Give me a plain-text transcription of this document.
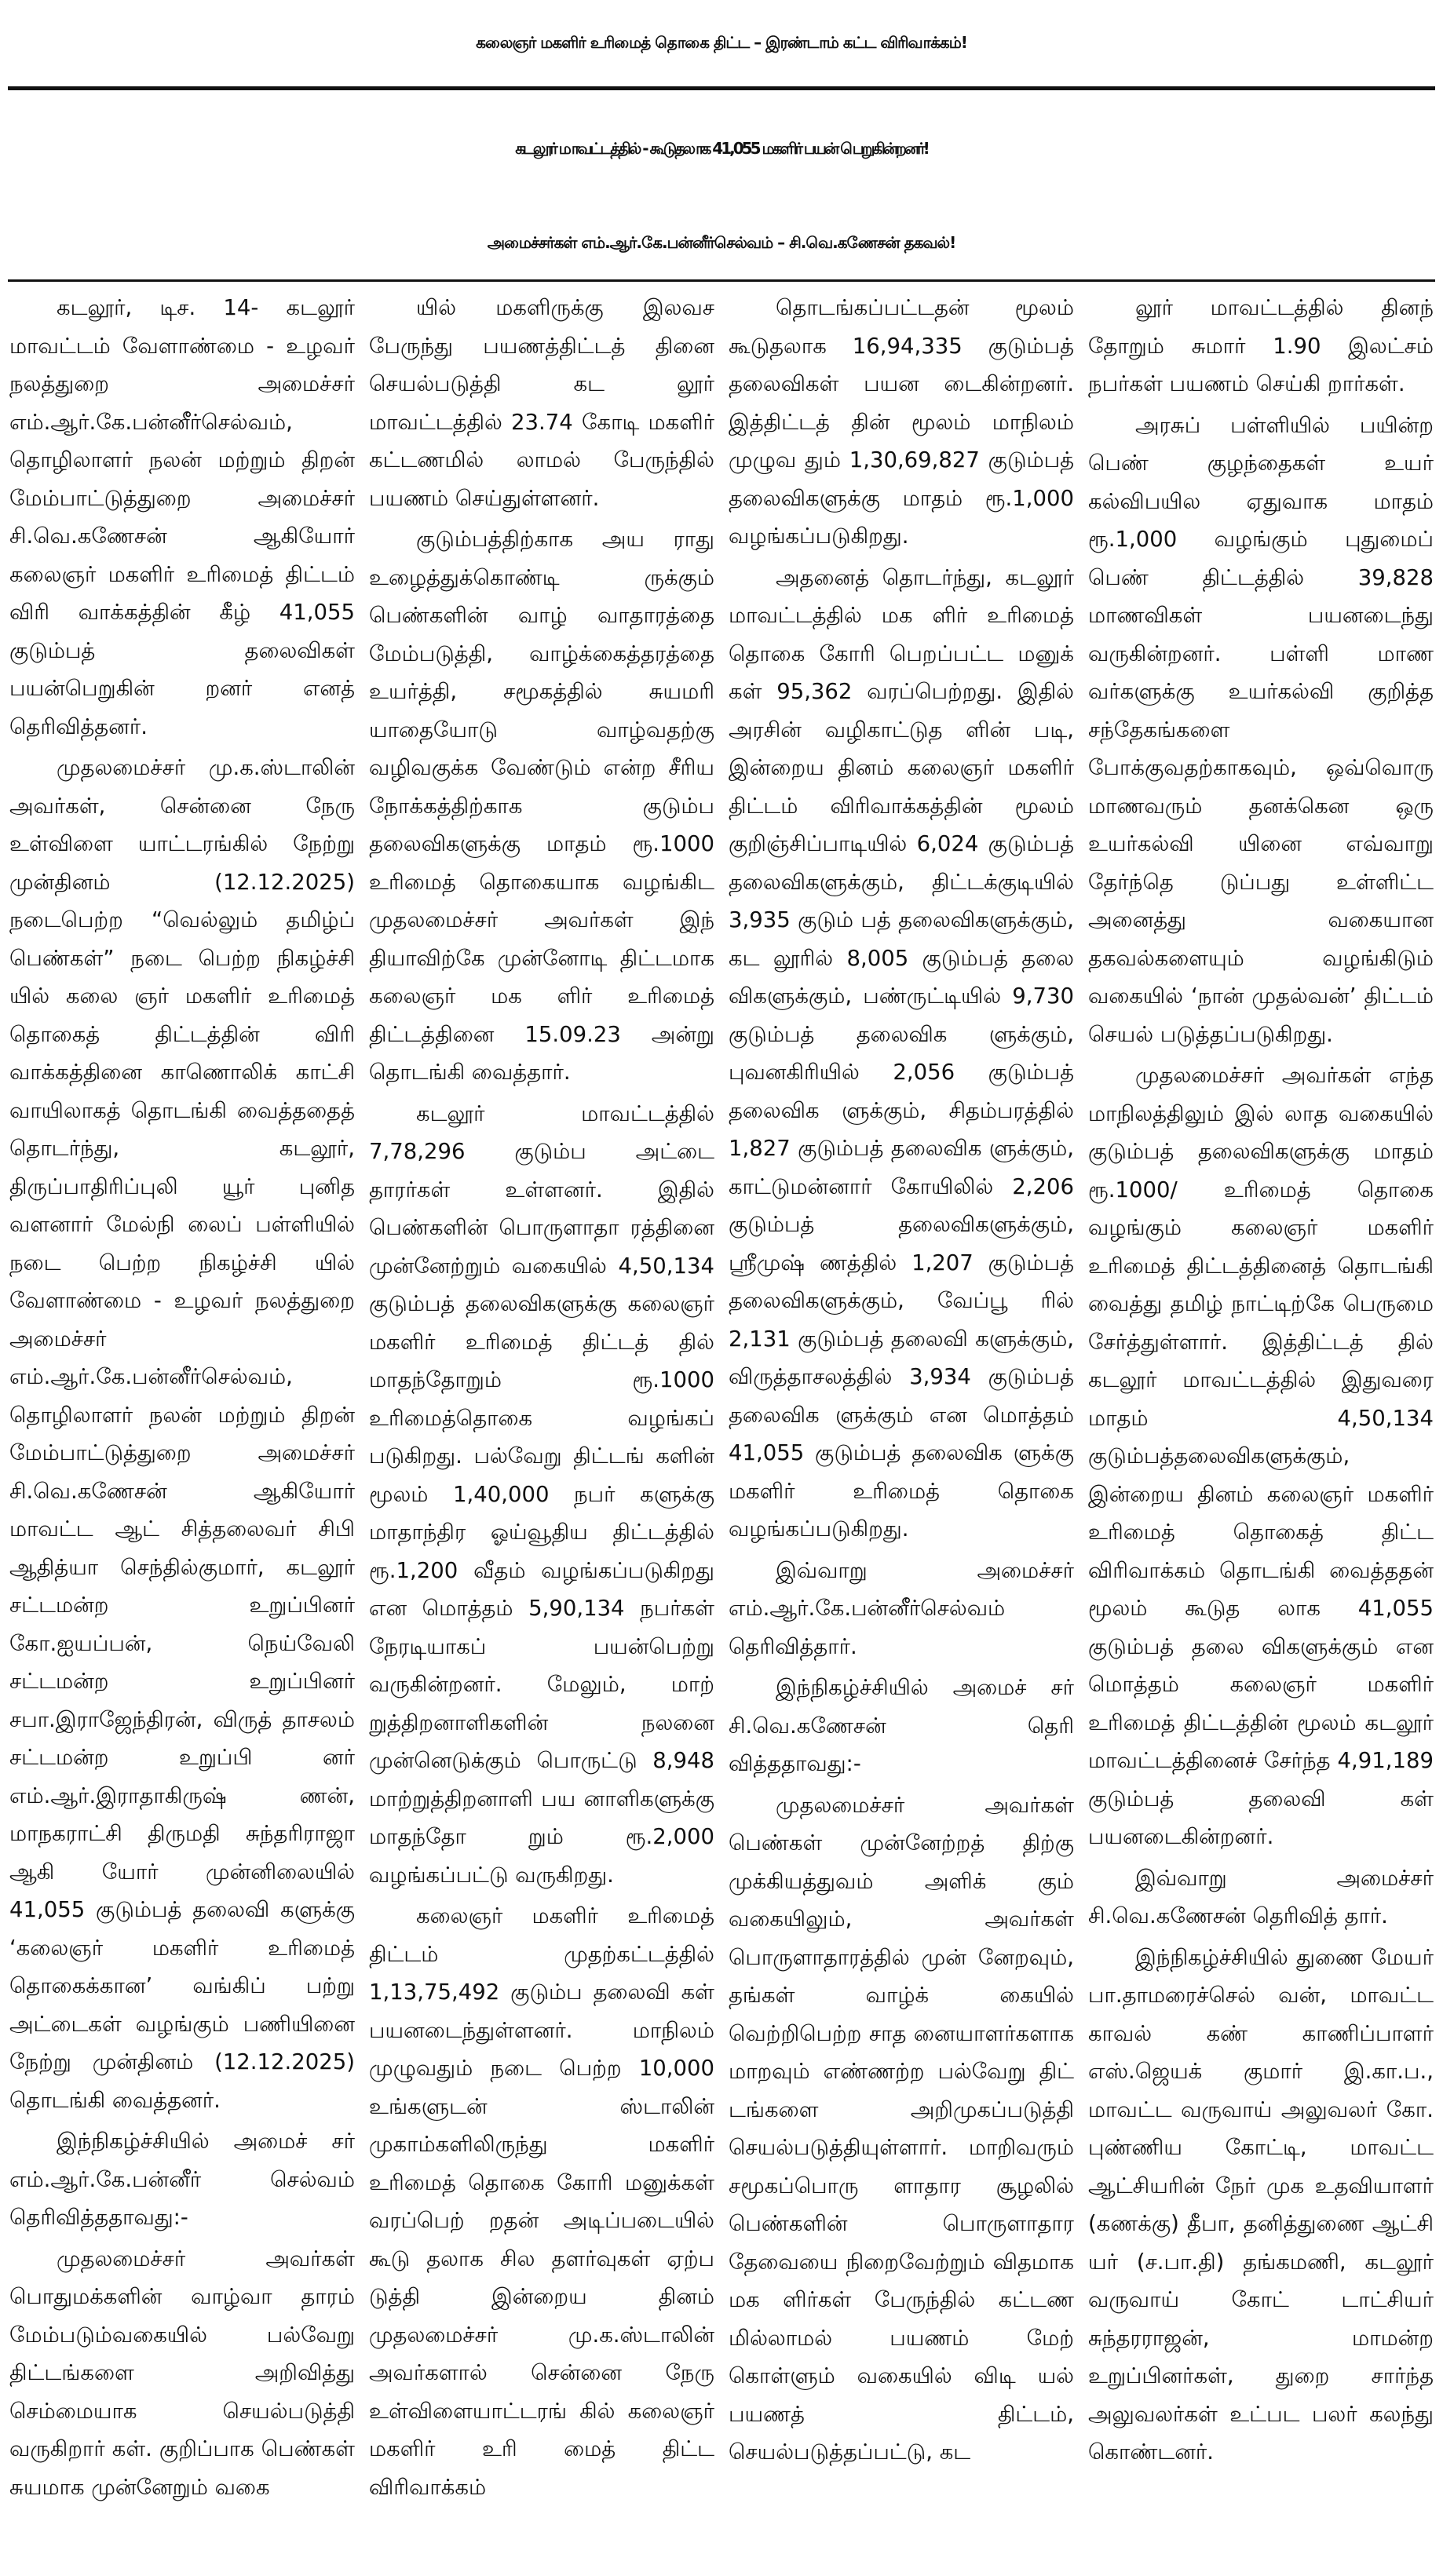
கலைஞர் மகளிர் உரிமைத் தொகை திட்ட – இரண்டாம் கட்ட விரிவாக்கம்!
கடலூர் மாவட்டத்தில் - கூடுதலாக 41,055 மகளிர் பயன் பெறுகின்றனர்!
அமைச்சர்கள் எம்.ஆர்.கே.பன்னீர்செல்வம் – சி.வெ.கணேசன் தகவல்!

கடலூர், டிச. 14- கடலூர் மாவட்டம் வேளாண்மை - உழவர் நலத்துறை அமைச்சர் எம்.ஆர்.கே.பன்னீர்செல்வம், தொழிலாளர் நலன் மற்றும் திறன் மேம்பாட்டுத்துறை அமைச்சர் சி.வெ.கணேசன் ஆகியோர் கலைஞர் மகளிர் உரிமைத் திட்டம் விரி வாக்கத்தின் கீழ் 41,055 குடும்பத் தலைவிகள் பயன்பெறுகின் றனர் எனத் தெரிவித்தனர்.

முதலமைச்சர் மு.க.ஸ்டாலின் அவர்கள், சென்னை நேரு உள்விளை யாட்டரங்கில் நேற்று முன்தினம் (12.12.2025) நடைபெற்ற “வெல்லும் தமிழ்ப் பெண்கள்” நடை பெற்ற நிகழ்ச்சி யில் கலை ஞர் மகளிர் உரிமைத் தொகைத் திட்டத்தின் விரி வாக்கத்தினை காணொலிக் காட்சி வாயிலாகத் தொடங்கி வைத்ததைத் தொடர்ந்து, கடலூர், திருப்பாதிரிப்புலி யூர் புனித வளனார் மேல்நி லைப் பள்ளியில் நடை பெற்ற நிகழ்ச்சி யில் வேளாண்மை - உழவர் நலத்துறை அமைச்சர் எம்.ஆர்.கே.பன்னீர்செல்வம், தொழிலாளர் நலன் மற்றும் திறன் மேம்பாட்டுத்துறை அமைச்சர் சி.வெ.கணேசன் ஆகியோர் மாவட்ட ஆட் சித்தலைவர் சிபி ஆதித்யா செந்தில்குமார், கடலூர் சட்டமன்ற உறுப்பினர் கோ.ஐயப்பன், நெய்வேலி சட்டமன்ற உறுப்பினர் சபா.இராஜேந்திரன், விருத் தாசலம் சட்டமன்ற உறுப்பி னர் எம்.ஆர்.இராதாகிருஷ் ணன், மாநகராட்சி திருமதி சுந்தரிராஜா ஆகி யோர் முன்னிலையில் 41,055 குடும்பத் தலைவி களுக்கு ‘கலைஞர் மகளிர் உரிமைத் தொகைக்கான’ வங்கிப் பற்று அட்டைகள் வழங்கும் பணியினை நேற்று முன்தினம் (12.12.2025) தொடங்கி வைத்தனர்.

இந்நிகழ்ச்சியில் அமைச் சர் எம்.ஆர்.கே.பன்னீர் செல்வம் தெரிவித்ததாவது:-

முதலமைச்சர் அவர்கள் பொதுமக்களின் வாழ்வா தாரம் மேம்படும்வகையில் பல்வேறு திட்டங்களை அறிவித்து செம்மையாக செயல்படுத்தி வருகிறார் கள். குறிப்பாக பெண்கள் சுயமாக முன்னேறும் வகை

யில் மகளிருக்கு இலவச பேருந்து பயணத்திட்டத் தினை செயல்படுத்தி கட லூர் மாவட்டத்தில் 23.74 கோடி மகளிர் கட்டணமில் லாமல் பேருந்தில் பயணம் செய்துள்ளனர்.

குடும்பத்திற்காக அய ராது உழைத்துக்கொண்டி ருக்கும் பெண்களின் வாழ் வாதாரத்தை மேம்படுத்தி, வாழ்க்கைத்தரத்தை உயர்த்தி, சமூகத்தில் சுயமரி யாதையோடு வாழ்வதற்கு வழிவகுக்க வேண்டும் என்ற சீரிய நோக்கத்திற்காக குடும்ப தலைவிகளுக்கு மாதம் ரூ.1000 உரிமைத் தொகையாக வழங்கிட முதலமைச்சர் அவர்கள் இந் தியாவிற்கே முன்னோடி திட்டமாக கலைஞர் மக ளிர் உரிமைத் திட்டத்தினை 15.09.23 அன்று தொடங்கி வைத்தார்.

கடலூர் மாவட்டத்தில் 7,78,296 குடும்ப அட்டை தாரர்கள் உள்ளனர். இதில் பெண்களின் பொருளாதா ரத்தினை முன்னேற்றும் வகையில் 4,50,134 குடும்பத் தலைவிகளுக்கு கலைஞர் மகளிர் உரிமைத் திட்டத் தில் மாதந்தோறும் ரூ.1000 உரிமைத்தொகை வழங்கப் படுகிறது. பல்வேறு திட்டங் களின் மூலம் 1,40,000 நபர் களுக்கு மாதாந்திர ஓய்வூதிய திட்டத்தில் ரூ.1,200 வீதம் வழங்கப்படுகிறது என மொத்தம் 5,90,134 நபர்கள் நேரடியாகப் பயன்பெற்று வருகின்றனர். மேலும், மாற் றுத்திறனாளிகளின் நலனை முன்னெடுக்கும் பொருட்டு 8,948 மாற்றுத்திறனாளி பய னாளிகளுக்கு மாதந்தோ றும் ரூ.2,000 வழங்கப்பட்டு வருகிறது.

கலைஞர் மகளிர் உரிமைத் திட்டம் முதற்கட்டத்தில் 1,13,75,492 குடும்ப தலைவி கள் பயனடைந்துள்ளனர். மாநிலம் முழுவதும் நடை பெற்ற 10,000 உங்களுடன் ஸ்டாலின் முகாம்களிலிருந்து மகளிர் உரிமைத் தொகை கோரி மனுக்கள் வரப்பெற் றதன் அடிப்படையில் கூடு தலாக சில தளர்வுகள் ஏற்ப டுத்தி இன்றைய தினம் முதலமைச்சர் மு.க.ஸ்டாலின் அவர்களால் சென்னை நேரு உள்விளையாட்டரங் கில் கலைஞர் மகளிர் உரி மைத் திட்ட விரிவாக்கம்

தொடங்கப்பட்டதன் மூலம் கூடுதலாக 16,94,335 குடும்பத் தலைவிகள் பயன டைகின்றனர். இத்திட்டத் தின் மூலம் மாநிலம் முழுவ தும் 1,30,69,827 குடும்பத் தலைவிகளுக்கு மாதம் ரூ.1,000 வழங்கப்படுகிறது.

அதனைத் தொடர்ந்து, கடலூர் மாவட்டத்தில் மக ளிர் உரிமைத் தொகை கோரி பெறப்பட்ட மனுக் கள் 95,362 வரப்பெற்றது. இதில் அரசின் வழிகாட்டுத ளின் படி, இன்றைய தினம் கலைஞர் மகளிர் திட்டம் விரிவாக்கத்தின் மூலம் குறிஞ்சிப்பாடியில் 6,024 குடும்பத் தலைவிகளுக்கும், திட்டக்குடியில் 3,935 குடும் பத் தலைவிகளுக்கும், கட லூரில் 8,005 குடும்பத் தலை விகளுக்கும், பண்ருட்டியில் 9,730 குடும்பத் தலைவிக ளுக்கும், புவனகிரியில் 2,056 குடும்பத் தலைவிக ளுக்கும், சிதம்பரத்தில் 1,827 குடும்பத் தலைவிக ளுக்கும், காட்டுமன்னார் கோயிலில் 2,206 குடும்பத் தலைவிகளுக்கும், ஸ்ரீமுஷ் ணத்தில் 1,207 குடும்பத் தலைவிகளுக்கும், வேப்பூ ரில் 2,131 குடும்பத் தலைவி களுக்கும், விருத்தாசலத்தில் 3,934 குடும்பத் தலைவிக ளுக்கும் என மொத்தம் 41,055 குடும்பத் தலைவிக ளுக்கு மகளிர் உரிமைத் தொகை வழங்கப்படுகிறது.

இவ்வாறு அமைச்சர் எம்.ஆர்.கே.பன்னீர்செல்வம் தெரிவித்தார்.

இந்நிகழ்ச்சியில் அமைச் சர் சி.வெ.கணேசன் தெரி வித்ததாவது:-

முதலமைச்சர் அவர்கள் பெண்கள் முன்னேற்றத் திற்கு முக்கியத்துவம் அளிக் கும் வகையிலும், அவர்கள் பொருளாதாரத்தில் முன் னேறவும், தங்கள் வாழ்க் கையில் வெற்றிபெற்ற சாத னையாளர்களாக மாறவும் எண்ணற்ற பல்வேறு திட் டங்களை அறிமுகப்படுத்தி செயல்படுத்தியுள்ளார். மாறிவரும் சமூகப்பொரு ளாதார சூழலில் பெண்களின் பொருளாதார தேவையை நிறைவேற்றும் விதமாக மக ளிர்கள் பேருந்தில் கட்டண மில்லாமல் பயணம் மேற் கொள்ளும் வகையில் விடி யல் பயணத் திட்டம், செயல்படுத்தப்பட்டு, கட

லூர் மாவட்டத்தில் தினந் தோறும் சுமார் 1.90 இலட்சம் நபர்கள் பயணம் செய்கி றார்கள்.

அரசுப் பள்ளியில் பயின்ற பெண் குழந்தைகள் உயர் கல்விபயில ஏதுவாக மாதம் ரூ.1,000 வழங்கும் புதுமைப் பெண் திட்டத்தில் 39,828 மாணவிகள் பயனடைந்து வருகின்றனர். பள்ளி மாண வர்களுக்கு உயர்கல்வி குறித்த சந்தேகங்களை போக்குவதற்காகவும், ஒவ்வொரு மாணவரும் தனக்கென ஒரு உயர்கல்வி யினை எவ்வாறு தேர்ந்தெ டுப்பது உள்ளிட்ட அனைத்து வகையான தகவல்களையும் வழங்கிடும் வகையில் ‘நான் முதல்வன்’ திட்டம் செயல் படுத்தப்படுகிறது.

முதலமைச்சர் அவர்கள் எந்த மாநிலத்திலும் இல் லாத வகையில் குடும்பத் தலைவிகளுக்கு மாதம் ரூ.1000/ உரிமைத் தொகை வழங்கும் கலைஞர் மகளிர் உரிமைத் திட்டத்தினைத் தொடங்கி வைத்து தமிழ் நாட்டிற்கே பெருமை சேர்த்துள்ளார். இத்திட்டத் தில் கடலூர் மாவட்டத்தில் இதுவரை மாதம் 4,50,134 குடும்பத்தலைவிகளுக்கும், இன்றைய தினம் கலைஞர் மகளிர் உரிமைத் தொகைத் திட்ட விரிவாக்கம் தொடங்கி வைத்ததன் மூலம் கூடுத லாக 41,055 குடும்பத் தலை விகளுக்கும் என மொத்தம் கலைஞர் மகளிர் உரிமைத் திட்டத்தின் மூலம் கடலூர் மாவட்டத்தினைச் சேர்ந்த 4,91,189 குடும்பத் தலைவி கள் பயனடைகின்றனர்.

இவ்வாறு அமைச்சர் சி.வெ.கணேசன் தெரிவித் தார்.

இந்நிகழ்ச்சியில் துணை மேயர் பா.தாமரைச்செல் வன், மாவட்ட காவல் கண் காணிப்பாளர் எஸ்.ஜெயக் குமார் இ.கா.ப., மாவட்ட வருவாய் அலுவலர் கோ. புண்ணிய கோட்டி, மாவட்ட ஆட்சியரின் நேர் முக உதவியாளர் (கணக்கு) தீபா, தனித்துணை ஆட்சி யர் (ச.பா.தி) தங்கமணி, கடலூர் வருவாய் கோட் டாட்சியர் சுந்தரராஜன், மாமன்ற உறுப்பினர்கள், துறை சார்ந்த அலுவலர்கள் உட்பட பலர் கலந்து கொண்டனர்.
